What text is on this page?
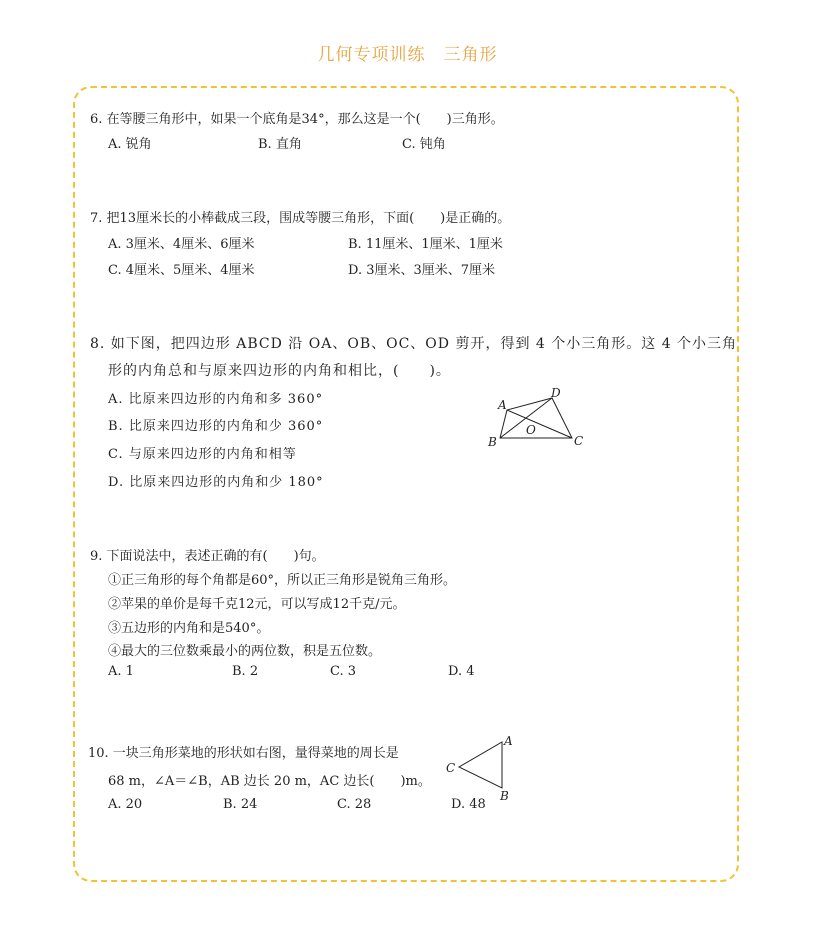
几何专项训练　三角形
6. 在等腰三角形中，如果一个底角是34°，那么这是一个(　　)三角形。
A. 锐角	B. 直角	C. 钝角
7. 把13厘米长的小棒截成三段，围成等腰三角形，下面(　　)是正确的。
A. 3厘米、4厘米、6厘米	B. 11厘米、1厘米、1厘米
C. 4厘米、5厘米、4厘米	D. 3厘米、3厘米、7厘米
8. 如下图，把四边形 ABCD 沿 OA、OB、OC、OD 剪开，得到 4 个小三角形。这 4 个小三角
形的内角总和与原来四边形的内角和相比，(　　)。
A. 比原来四边形的内角和多 360°
B. 比原来四边形的内角和少 360°
C. 与原来四边形的内角和相等
D. 比原来四边形的内角和少 180°
A
D
B	C
O
9. 下面说法中，表述正确的有(　　)句。
①正三角形的每个角都是60°，所以正三角形是锐角三角形。
②苹果的单价是每千克12元，可以写成12千克/元。
③五边形的内角和是540°。
④最大的三位数乘最小的两位数，积是五位数。
A. 1	B. 2	C. 3	D. 4
10. 一块三角形菜地的形状如右图，量得菜地的周长是
68 m，∠A＝∠B，AB 边长 20 m，AC 边长(　　)m。
A. 20	B. 24	C. 28	D. 48
A
B
C
